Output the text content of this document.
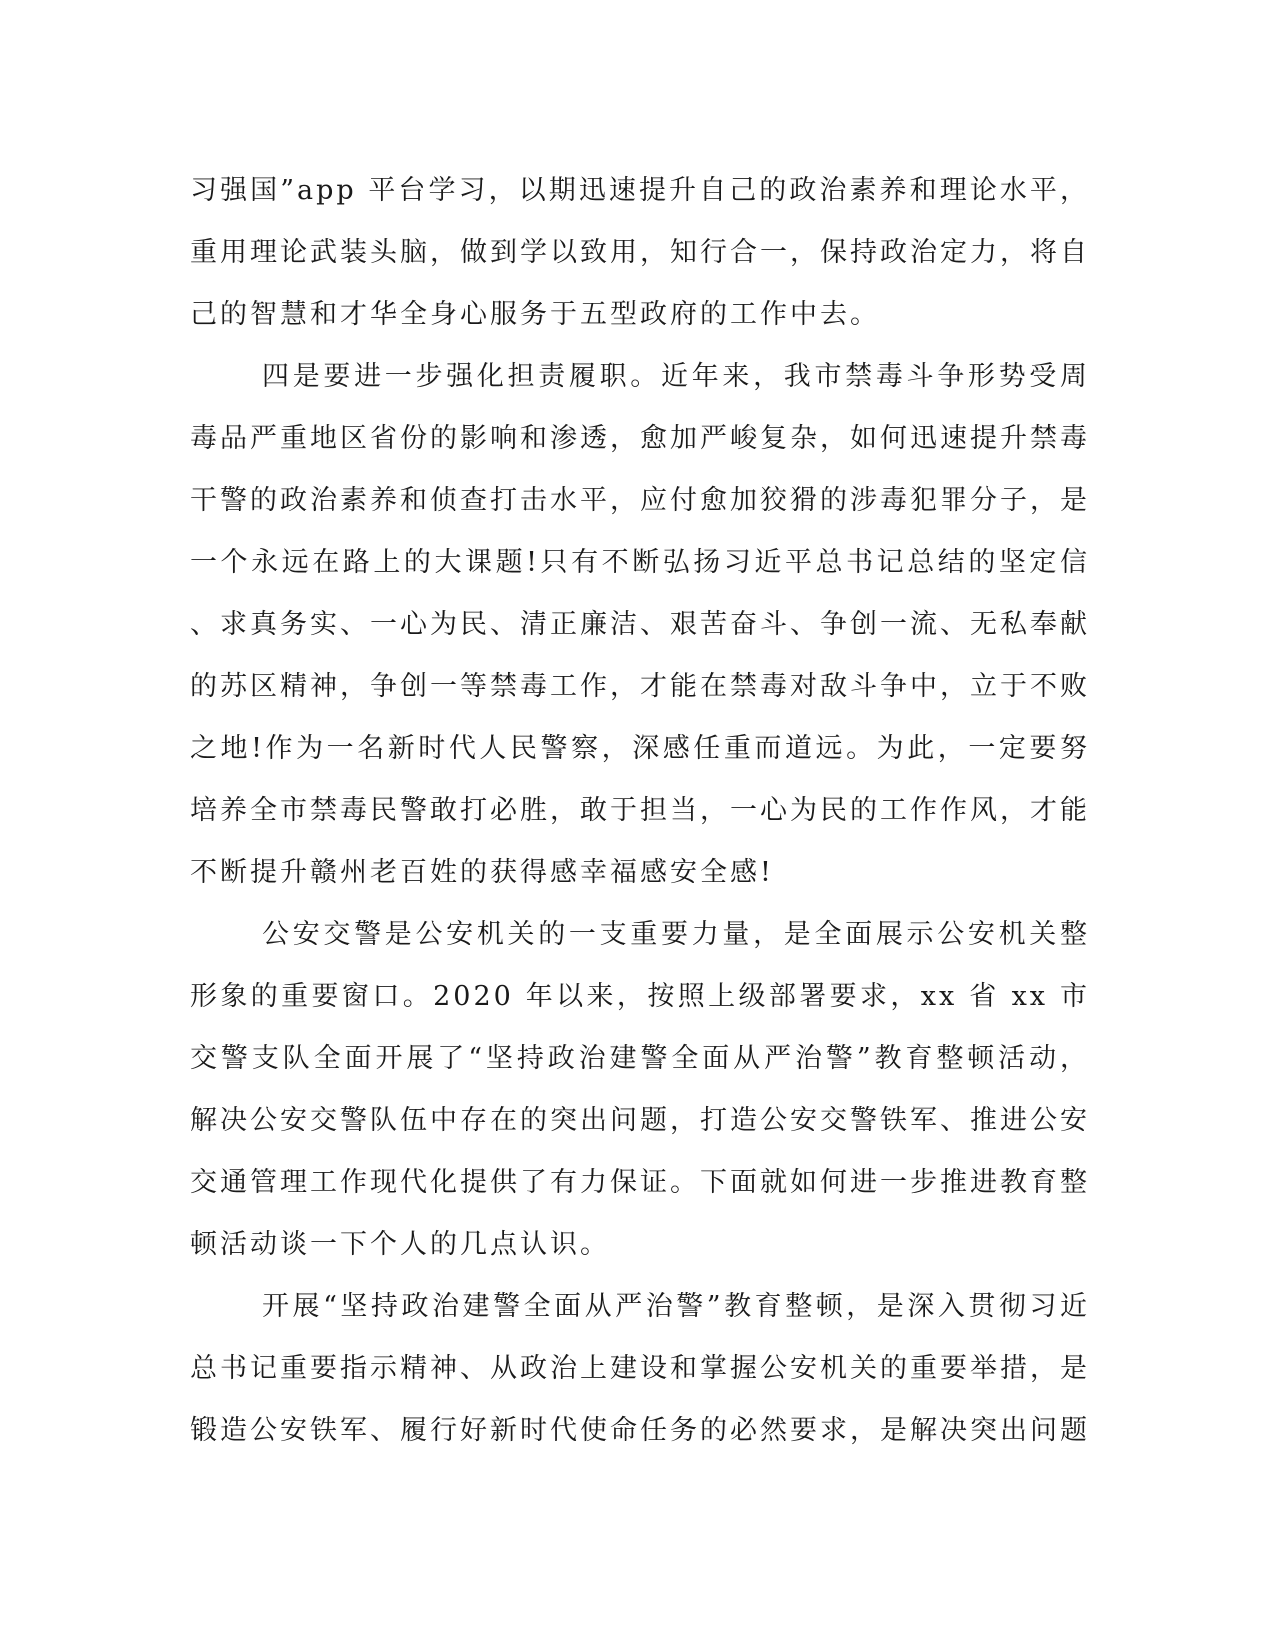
习强国”app 平台学习，以期迅速提升自己的政治素养和理论水平，
重用理论武装头脑，做到学以致用，知行合一，保持政治定力，将自
己的智慧和才华全身心服务于五型政府的工作中去。
四是要进一步强化担责履职。近年来，我市禁毒斗争形势受周
毒品严重地区省份的影响和渗透，愈加严峻复杂，如何迅速提升禁毒
干警的政治素养和侦查打击水平，应付愈加狡猾的涉毒犯罪分子，是
一个永远在路上的大课题!只有不断弘扬习近平总书记总结的坚定信
、求真务实、一心为民、清正廉洁、艰苦奋斗、争创一流、无私奉献
的苏区精神，争创一等禁毒工作，才能在禁毒对敌斗争中，立于不败
之地!作为一名新时代人民警察，深感任重而道远。为此，一定要努
培养全市禁毒民警敢打必胜，敢于担当，一心为民的工作作风，才能
不断提升赣州老百姓的获得感幸福感安全感!
公安交警是公安机关的一支重要力量，是全面展示公安机关整
形象的重要窗口。2020 年以来，按照上级部署要求，xx 省 xx 市
交警支队全面开展了“坚持政治建警全面从严治警”教育整顿活动，
解决公安交警队伍中存在的突出问题，打造公安交警铁军、推进公安
交通管理工作现代化提供了有力保证。下面就如何进一步推进教育整
顿活动谈一下个人的几点认识。
开展“坚持政治建警全面从严治警”教育整顿，是深入贯彻习近
总书记重要指示精神、从政治上建设和掌握公安机关的重要举措，是
锻造公安铁军、履行好新时代使命任务的必然要求，是解决突出问题
